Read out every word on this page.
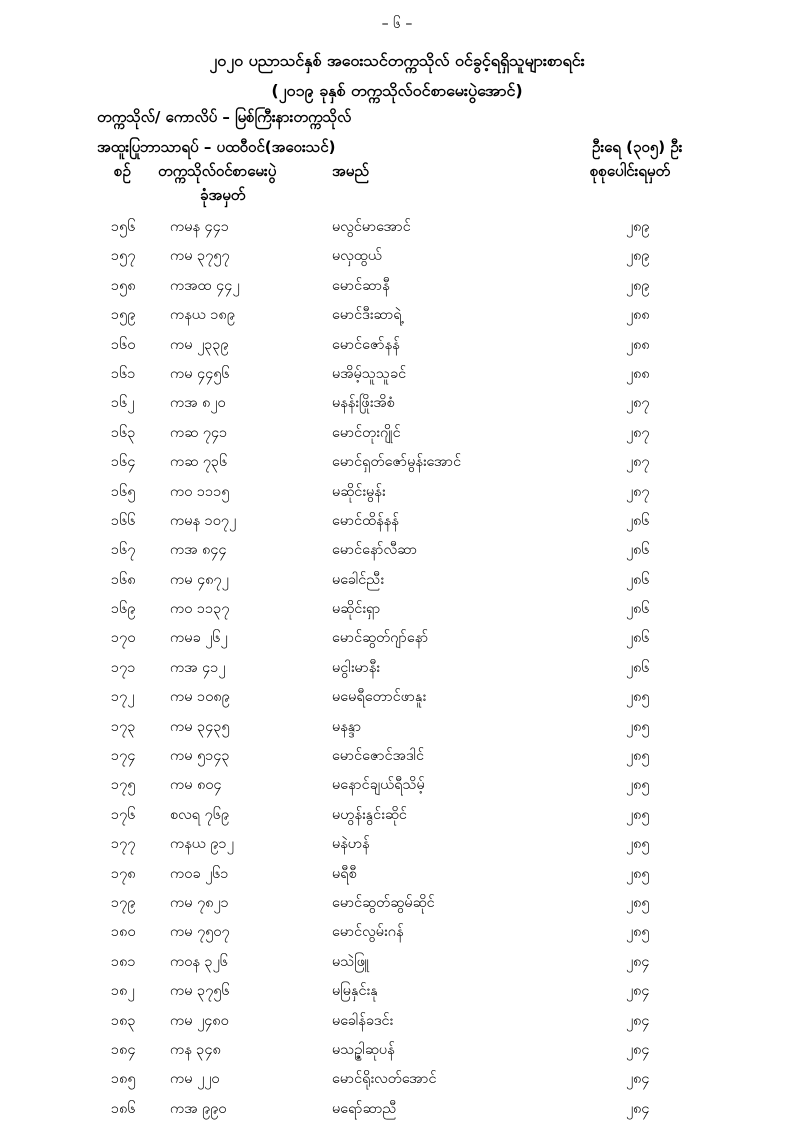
– ၆ –
၂၀၂၀ ပညာသင်နှစ် အဝေးသင်တက္ကသိုလ် ဝင်ခွင့်ရရှိသူများစာရင်း
(၂၀၁၉ ခုနှစ် တက္ကသိုလ်ဝင်စာမေးပွဲအောင်)
တက္ကသိုလ်/ ကောလိပ် – မြစ်ကြီးနားတက္ကသိုလ်
အထူးပြုဘာသာရပ် – ပထဝီဝင်(အဝေးသင်)	ဦးရေ (၃၀၅) ဦး
စဉ် တက္ကသိုလ်ဝင်စာမေးပွဲ
ခုံအမှတ်
အမည်	စုစုပေါင်းရမှတ်
၁၅၆ ကမန ၄၄၁	မလွင်မာအောင်	၂၈၉
၁၅၇ ကမ ၃၇၅၇	မလှထွယ်	၂၈၉
၁၅၈ ကအထ ၄၄၂	မောင်ဆာနီ	၂၈၉
၁၅၉ ကနယ ၁၈၉	မောင်ဒီးဆာရဲ့	၂၈၈
၁၆၀ ကမ ၂၃၃၉	မောင်ဇော်နန်	၂၈၈
၁၆၁ ကမ ၄၄၅၆	မအိမ့်သူသူခင်	၂၈၈
၁၆၂ ကအ ၈၂၀	မနန်းဖြိုးအိစံ	၂၈၇
၁၆၃ ကဆ ၇၄၁	မောင်တုးဂျိုင်	၂၈၇
၁၆၄ ကဆ ၇၃၆	မောင်ရှတ်ဇော်မွန်းအောင်	၂၈၇
၁၆၅ ကဝ ၁၁၁၅	မဆိုင်းမွန်း	၂၈၇
၁၆၆ ကမန ၁၀၇၂	မောင်ထိန်နန်	၂၈၆
၁၆၇ ကအ ၈၄၄	မောင်နော်လီဆာ	၂၈၆
၁၆၈ ကမ ၄၈၇၂	မခေါင်ညီး	၂၈၆
၁၆၉ ကဝ ၁၁၃၇	မဆိုင်းရှာ	၂၈၆
၁၇၀ ကမခ ၂၆၂	မောင်ဆွတ်ဂျာ်နော်	၂၈၆
၁၇၁ ကအ ၄၁၂	မငွါးမာနီး	၂၈၆
၁၇၂ ကမ ၁၀၈၉	မမေရီတောင်ဖာနူး	၂၈၅
၁၇၃ ကမ ၃၄၃၅	မနန္ဒာ	၂၈၅
၁၇၄ ကမ ၅၁၄၃	မောင်ဇောင်အဒါင်	၂၈၅
၁၇၅ ကမ ၈၀၄	မနောင်ချယ်ရီသိမ့်	၂၈၅
၁၇၆ စလရ ၇၆၉	မဟွန်းနွင်းဆိုင်	၂၈၅
၁၇၇ ကနယ ၉၁၂	မနဲဟန်	၂၈၅
၁၇၈ ကဝခ ၂၆၁	မရီစီ	၂၈၅
၁၇၉ ကမ ၇၈၂၁	မောင်ဆွတ်ဆွမ်ဆိုင်	၂၈၅
၁၈၀ ကမ ၇၅၀၇	မောင်လွမ်းဂန်	၂၈၅
၁၈၁ ကဝန ၃၂၆	မသဲဖြူ	၂၈၄
၁၈၂ ကမ ၃၇၅၆	မမြနှင်းနု	၂၈၄
၁၈၃ ကမ ၂၄၈၀	မခေါန်ခဒင်း	၂၈၄
၁၈၄ ကန ၃၄၈	မသဉ္ဇါဆုပန်	၂၈၄
၁၈၅ ကမ ၂၂၀	မောင်ရိုးလတ်အောင်	၂၈၄
၁၈၆ ကအ ၉၉၀	မရော်ဆာညီ	၂၈၄
